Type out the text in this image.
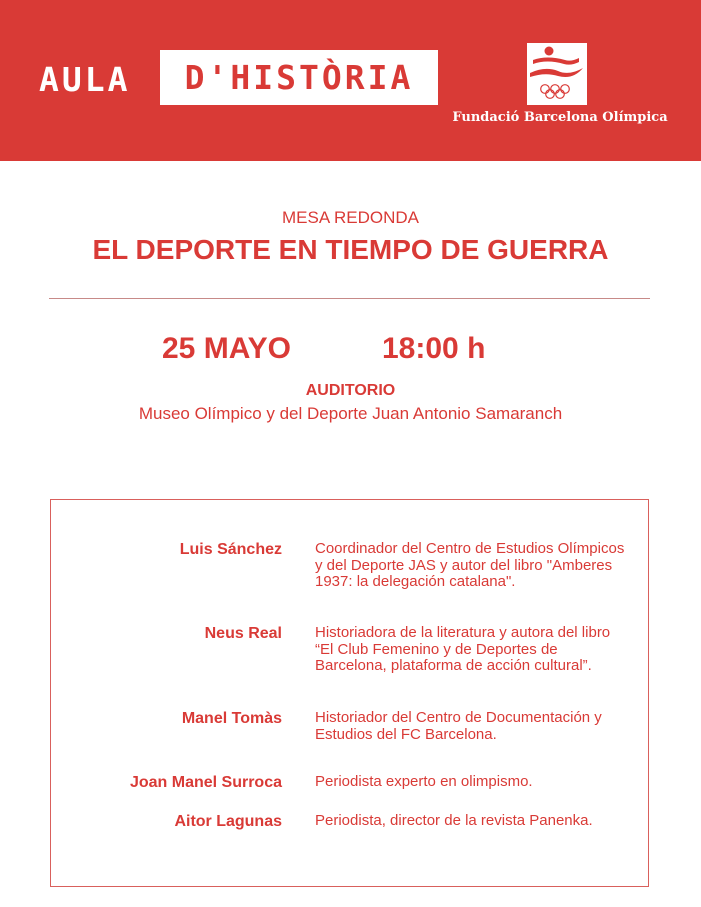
AULA D'HISTÒRIA
Fundació Barcelona Olímpica
MESA REDONDA
EL DEPORTE EN TIEMPO DE GUERRA
25 MAYO	18:00 h
AUDITORIO
Museo Olímpico y del Deporte Juan Antonio Samaranch
Luis Sánchez Coordinador del Centro de Estudios Olímpicos y del Deporte JAS y autor del libro "Amberes 1937: la delegación catalana".
Neus Real Historiadora de la literatura y autora del libro “El Club Femenino y de Deportes de Barcelona, plataforma de acción cultural”.
Manel Tomàs Historiador del Centro de Documentación y Estudios del FC Barcelona.
Joan Manel Surroca Periodista experto en olimpismo.
Aitor Lagunas Periodista, director de la revista Panenka.
